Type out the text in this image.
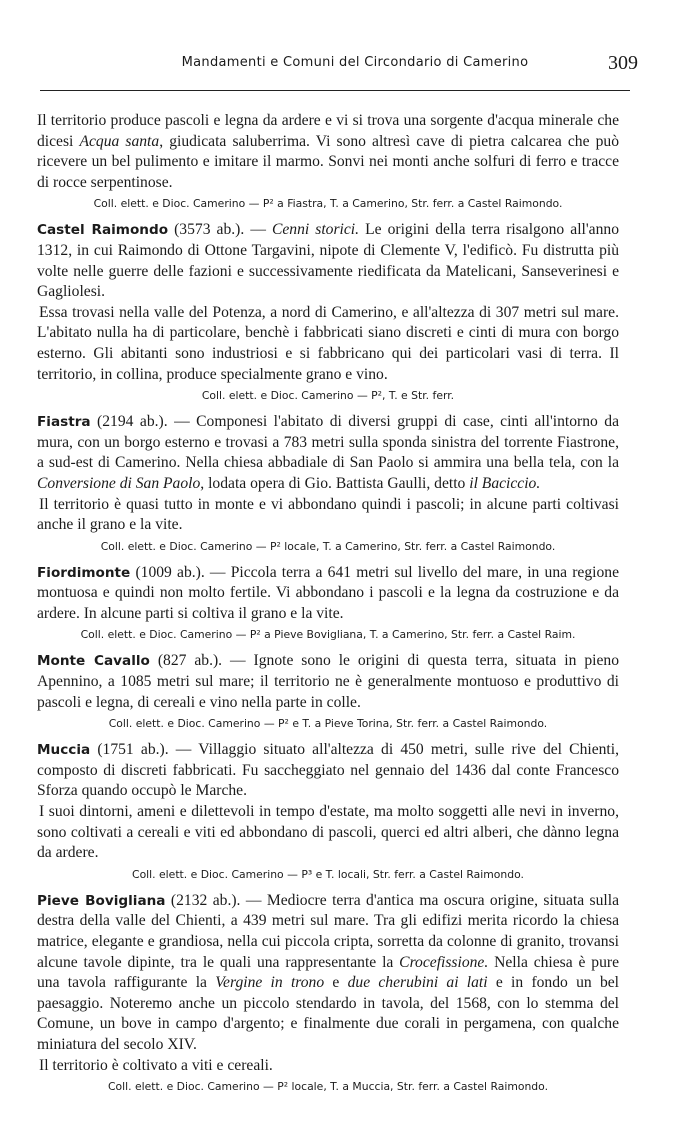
Mandamenti e Comuni del Circondario di Camerino	309

Il territorio produce pascoli e legna da ardere e vi si trova una sorgente d'acqua minerale che dicesi Acqua santa, giudicata saluberrima. Vi sono altresì cave di pietra calcarea che può ricevere un bel pulimento e imitare il marmo. Sonvi nei monti anche solfuri di ferro e tracce di rocce serpentinose.

Coll. elett. e Dioc. Camerino — P² a Fiastra, T. a Camerino, Str. ferr. a Castel Raimondo.

Castel Raimondo (3573 ab.). — Cenni storici. Le origini della terra risalgono all'anno 1312, in cui Raimondo di Ottone Targavini, nipote di Clemente V, l'edificò. Fu distrutta più volte nelle guerre delle fazioni e successivamente riedificata da Matelicani, Sanseverinesi e Gagliolesi.

Essa trovasi nella valle del Potenza, a nord di Camerino, e all'altezza di 307 metri sul mare. L'abitato nulla ha di particolare, benchè i fabbricati siano discreti e cinti di mura con borgo esterno. Gli abitanti sono industriosi e si fabbricano qui dei particolari vasi di terra. Il territorio, in collina, produce specialmente grano e vino.

Coll. elett. e Dioc. Camerino — P², T. e Str. ferr.

Fiastra (2194 ab.). — Componesi l'abitato di diversi gruppi di case, cinti all'intorno da mura, con un borgo esterno e trovasi a 783 metri sulla sponda sinistra del torrente Fiastrone, a sud-est di Camerino. Nella chiesa abbadiale di San Paolo si ammira una bella tela, con la Conversione di San Paolo, lodata opera di Gio. Battista Gaulli, detto il Baciccio.

Il territorio è quasi tutto in monte e vi abbondano quindi i pascoli; in alcune parti coltivasi anche il grano e la vite.

Coll. elett. e Dioc. Camerino — P² locale, T. a Camerino, Str. ferr. a Castel Raimondo.

Fiordimonte (1009 ab.). — Piccola terra a 641 metri sul livello del mare, in una regione montuosa e quindi non molto fertile. Vi abbondano i pascoli e la legna da costruzione e da ardere. In alcune parti si coltiva il grano e la vite.

Coll. elett. e Dioc. Camerino — P² a Pieve Bovigliana, T. a Camerino, Str. ferr. a Castel Raim.

Monte Cavallo (827 ab.). — Ignote sono le origini di questa terra, situata in pieno Apennino, a 1085 metri sul mare; il territorio ne è generalmente montuoso e produttivo di pascoli e legna, di cereali e vino nella parte in colle.

Coll. elett. e Dioc. Camerino — P² e T. a Pieve Torina, Str. ferr. a Castel Raimondo.

Muccia (1751 ab.). — Villaggio situato all'altezza di 450 metri, sulle rive del Chienti, composto di discreti fabbricati. Fu saccheggiato nel gennaio del 1436 dal conte Francesco Sforza quando occupò le Marche.

I suoi dintorni, ameni e dilettevoli in tempo d'estate, ma molto soggetti alle nevi in inverno, sono coltivati a cereali e viti ed abbondano di pascoli, querci ed altri alberi, che dànno legna da ardere.

Coll. elett. e Dioc. Camerino — P³ e T. locali, Str. ferr. a Castel Raimondo.

Pieve Bovigliana (2132 ab.). — Mediocre terra d'antica ma oscura origine, situata sulla destra della valle del Chienti, a 439 metri sul mare. Tra gli edifizi merita ricordo la chiesa matrice, elegante e grandiosa, nella cui piccola cripta, sorretta da colonne di granito, trovansi alcune tavole dipinte, tra le quali una rappresentante la Crocefissione. Nella chiesa è pure una tavola raffigurante la Vergine in trono e due cherubini ai lati e in fondo un bel paesaggio. Noteremo anche un piccolo stendardo in tavola, del 1568, con lo stemma del Comune, un bove in campo d'argento; e finalmente due corali in pergamena, con qualche miniatura del secolo XIV.

Il territorio è coltivato a viti e cereali.

Coll. elett. e Dioc. Camerino — P² locale, T. a Muccia, Str. ferr. a Castel Raimondo.
